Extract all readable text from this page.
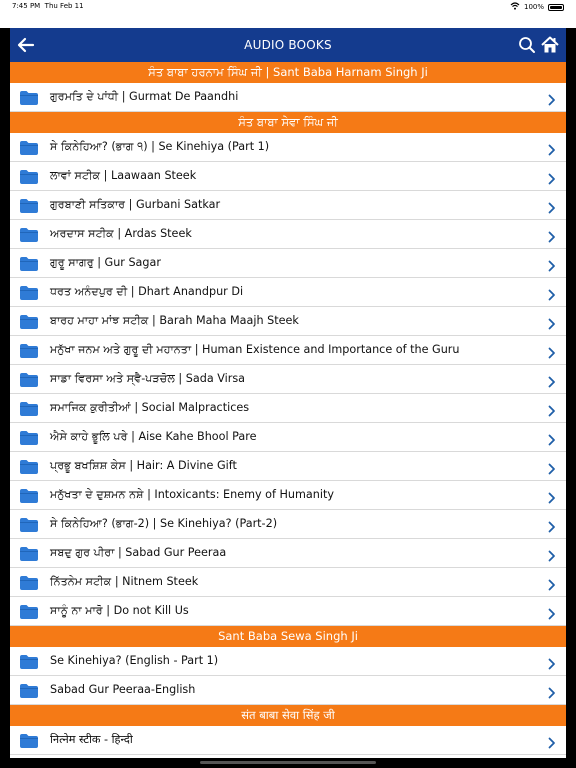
7:45 PM Thu Feb 11	100%
AUDIO BOOKS
ਸੰਤ ਬਾਬਾ ਹਰਨਾਮ ਸਿੰਘ ਜੀ | Sant Baba Harnam Singh Ji
ਗੁਰਮਤਿ ਦੇ ਪਾਂਧੀ | Gurmat De Paandhi
ਸੰਤ ਬਾਬਾ ਸੇਵਾ ਸਿੰਘ ਜੀ
ਸੇ ਕਿਨੇਹਿਆ? (ਭਾਗ ੧) | Se Kinehiya (Part 1)
ਲਾਵਾਂ ਸਟੀਕ | Laawaan Steek
ਗੁਰਬਾਣੀ ਸਤਿਕਾਰ | Gurbani Satkar
ਅਰਦਾਸ ਸਟੀਕ | Ardas Steek
ਗੁਰੂ ਸਾਗਰੁ | Gur Sagar
ਧਰਤ ਅਨੰਦਪੁਰ ਦੀ | Dhart Anandpur Di
ਬਾਰਹ ਮਾਹਾ ਮਾਂਝ ਸਟੀਕ | Barah Maha Maajh Steek
ਮਨੁੱਖਾ ਜਨਮ ਅਤੇ ਗੁਰੂ ਦੀ ਮਹਾਨਤਾ | Human Existence and Importance of the Guru
ਸਾਡਾ ਵਿਰਸਾ ਅਤੇ ਸ੍ਵੈ-ਪੜਚੋਲ | Sada Virsa
ਸਮਾਜਿਕ ਕੁਰੀਤੀਆਂ | Social Malpractices
ਐਸੇ ਕਾਹੇ ਭੂਲਿ ਪਰੇ | Aise Kahe Bhool Pare
ਪ੍ਰਭੂ ਬਖਸ਼ਿਸ਼ ਕੇਸ | Hair: A Divine Gift
ਮਨੁੱਖਤਾ ਦੇ ਦੁਸ਼ਮਨ ਨਸ਼ੇ | Intoxicants: Enemy of Humanity
ਸੇ ਕਿਨੇਹਿਆ? (ਭਾਗ-2) | Se Kinehiya? (Part-2)
ਸਬਦੁ ਗੁਰ ਪੀਰਾ | Sabad Gur Peeraa
ਨਿੱਤਨੇਮ ਸਟੀਕ | Nitnem Steek
ਸਾਨੂੰ ਨਾ ਮਾਰੋ | Do not Kill Us
Sant Baba Sewa Singh Ji
Se Kinehiya? (English - Part 1)
Sabad Gur Peeraa-English
संत बाबा सेवा सिंह जी
नित्नेम स्टीक - हिन्दी
